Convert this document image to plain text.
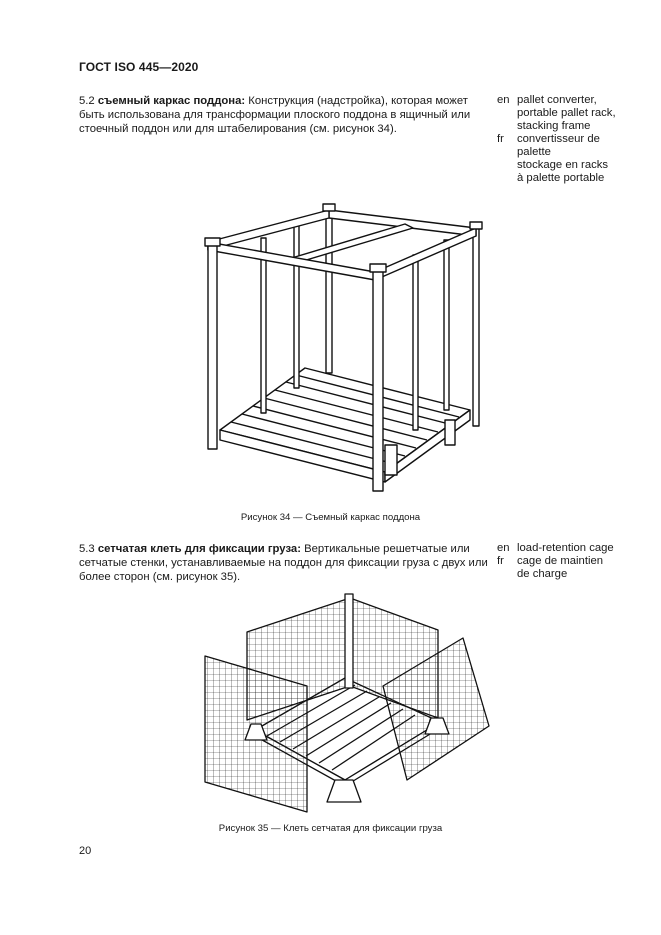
ГОСТ ISO 445—2020
5.2 съемный каркас поддона: Конструкция (надстройка), которая может быть использована для трансформации плоского поддона в ящичный или стоечный поддон или для штабелирования (см. рисунок 34).
en pallet converter,
portable pallet rack,
stacking frame
fr convertisseur de palette
stockage en racks à palette portable
Рисунок 34 — Съемный каркас поддона
5.3 сетчатая клеть для фиксации груза: Вертикальные решетчатые или сетчатые стенки, устанавливаемые на поддон для фиксации груза с двух или более сторон (см. рисунок 35).
en load-retention cage
fr cage de maintien de charge
Рисунок 35 — Клеть сетчатая для фиксации груза
20
